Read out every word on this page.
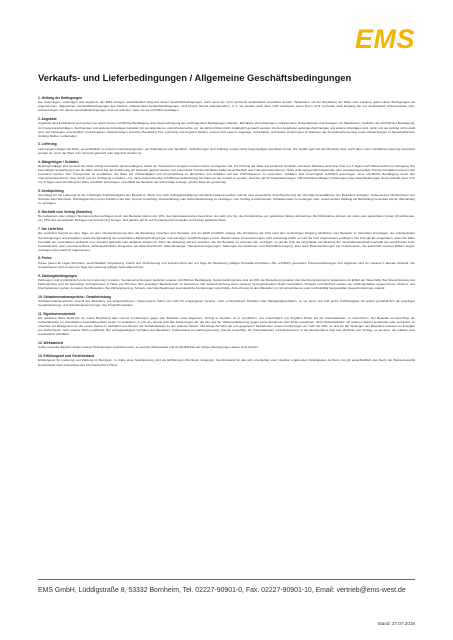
EMS
Verkaufs- und Lieferbedingungen / Allgemeine Geschäftsbedingungen
1. Geltung der Bedingungen
Die Lieferungen, Leistungen und Angebote der EMS erfolgen ausschließlich aufgrund dieser Geschäftsbedingungen, auch wenn sie nicht nochmals ausdrücklich vereinbart werden. Spätestens mit der Bestellung der Ware oder Leistung gelten diese Bedingungen als angenommen. Allgemeinen Geschäftsbedingungen des Käufers, insbesondere Einkaufsbedingungen, wird bereits hiermit widersprochen, d. h. sie werden auch dann nicht anerkannt, wenn ihnen nicht nochmals nach Eingang bei uns ausdrücklich widersprochen wird. Abweichungen von diesen Geschäftsbedingungen sind nur wirksam, wenn wir sie schriftlich bestätigen.
2. Angebote
Angebote sind freibleibend und werden nur durch unsere schriftliche Bestätigung unter Zugrundelegung der nachfolgenden Bedingungen wirksam. Mündliche Vereinbarungen, insbesondere Nebenabreden und Zusagen von Mitarbeitern, bedürfen der schriftlichen Bestätigung. An Kostenvoranschlägen, Zeichnungen und anderen Unterlagen behalten wir uns Eigentums- und Urheberrechte vor; sie dürfen Dritten nicht zugänglich gemacht werden. Zu den Angeboten gehörige Zeichnungen und andere Unterlagen sind, wenn uns der Auftrag nicht erteilt wird, auf Verlangen unverzüglich zurückzugeben. Abweichungen zwischen Bestellung bzw. Lieferung und Angebot bleiben, soweit nicht ebenso zugesagt, vorbehalten; technische Änderungen im Rahmen der Produktverbesserung sowie Abweichungen in handelsüblichem Umfang bleiben vorbehalten.
3. Lieferung
Lieferungen erfolgen ab Werk, ausschließlich zu unseren Lieferbedingungen, per Paketdienst oder Spedition. Teillieferungen sind zulässig, soweit nichts Gegenteiliges vereinbart wurde. Die Gefahr geht auf den Besteller über, auch dann, wenn frachtfreie Lieferung vereinbart worden ist, wenn die Ware zum Versand gebracht oder abgeholt worden ist.
4. Mängelrügen / Schäden
Rechtsgrundlage: Der Versand der Ware erfolgt auf Gefahr des Empfängers, wobei der Transporteur sorgsam mit den Gütern umzugehen hat. Zur Prüfung der Ware auf verdeckte Schäden und deren Meldung steht eine Frist von 4 Tagen nach Wareneintritt zur Verfügung. Bei berechtigter Verpackung muss die Ware bereits bei der Anlieferung auf Schäden geprüft werden. Für erkennbare Transportschäden haftet ausschließlich das Transportunternehmen. Nicht ordnungsgemäß festgestellte oder verspätet gemeldete Transportschäden können nicht anerkannt werden. Der Transporteur ist verpflichtet, die Ware auf Vollständigkeit und Unversehrtheit zu überprüfen und Schäden auf den Frachtpapieren zu vermerken. Schäden sind unverzüglich schriftlich anzuzeigen; ohne schriftliche Bestätigung durch den Transportunternehmer, bzw. durch uns zur Verfügung zu halten. Uns, nach entsprechender schriftlicher Aufforderung frei Haus an uns zurück zu senden. Gleiches gilt für Falschlieferungen. Offensichtliche Mängel, Fehlmengen oder Falschlieferungen sind innerhalb einer Frist von 8 Tagen nach Empfang der Ware schriftlich anzuzeigen. Unterlässt der Besteller die rechtzeitige Anzeige, gilt die Ware als genehmigt.
5. Kreditprüfung
Grundlage für die Lieferung ist die unbedingte Kreditwürdigkeit des Bestellers. Wenn uns nach Auftragsbestätigung Umstände bekannt werden, welche eine wesentliche Verschlechterung der Vermögensverhältnisse des Bestellers anzeigen, insbesondere Nichteinlösen von Schecks oder Wechseln, Nichtbegleichung eines Kredits in der Zeit, sind wir berechtigt, Vorauszahlung oder Sicherheitsleistung zu verlangen, vom Vertrag zurückzutreten, Schadenersatz zu verlangen oder, soweit andere Zahlung als Barzahlung vereinbart wurde, Barzahlung zu verlangen.
6. Rücktritt vom Vertrag (Besteller)
Bei teilweisem oder völligen Stornierung des Auftrages durch den Besteller können wir 10%, des Nettowarenwertes berechnen. Es steht uns frei, die Zurücknahme von gelieferten Waren abzulehnen. Bei Rücknahme können wir neben den pauschalen Kosten (Frachtkosten, ca.) 25% des vereinbarten Betrages zur Anrechnung bringen. Das gleiche gilt für auf Kundenwunsch bestellte und bereits gelieferte Ware.
7. Die Lieferfrist
Die Lieferfrist beginnt an dem Tage, an dem Übereinstimmung über die Bestellung zwischen dem Besteller und der EMS schriftlich vorliegt. Die Einhaltung der Frist setzt den rechtzeitigen Eingang sämtlicher vom Besteller zu liefernden Unterlagen, der erforderlichen Genehmigungen und Freigaben sowie die Einhaltung der vereinbarten Zahlungsbedingungen und sonstigen Verpflichtungen voraus. Werden diese Voraussetzungen nicht rechtzeitig erfüllt, so wird die Frist angemessen verlängert. Die Frist gilt als eingehalten, wenn die Ware innerhalb der vereinbarten Lieferfrist zum Versand gebracht oder abgeholt worden ist. Kann die Abholung auf aus Gründen, die der Besteller zu vertreten hat, verzögert, so gilt die Frist als eingehalten bei Meldung der Versandbereitschaft innerhalb der vereinbarten Frist. Arbeitskämpfe oder unvorhersehbare, außergewöhnliche Ereignisse wie Maschinenbruch, Materialmangel, Transportverzögerungen, Störungen bei Zulieferern und Rohstoffversorgung, aber auch Betriebsstörungen bei Vorlieferanten, die außerhalb unseres Willens liegen, verlängern die Lieferfrist angemessen.
8. Preise
Preise gelten ab Lager Bornheim, ausschließlich Verpackung, Fracht und Versicherung und entsprechend den am Tage der Bestellung gültigen Hersteller-Preislisten. Alle schriftlich genannten Preisvereinbarungen und Angebote sind für maximal 3 Monate bindend. Die Umsatzsteuer wird zu dem am Tage der Lieferung gültigen Satz abgerechnet.
9. Zahlungsbedingungen
Zahlungen sind grundsätzlich netto bei Lieferung zu leisten. Sonderverrechnungen bedürfen unserer schriftlichen Bestätigung. Sonderzahlungsziele sind ab 30% der Bestellung gestattet. Der Rechnungsbetrag ist spätestens mit Erhalt der Ware fällig. Bei Überschreitung des Zahlungsziels sind wir berechtigt, Verzugszinsen in Höhe von 8% über dem jeweiligen Basiszinssatz zu berechnen. Die Geltendmachung eines weiteren Verzugsschadens bleibt vorbehalten. Schecks und Wechsel werden nur erfüllungshalber angenommen; Diskont- und Wechselspesen gehen zu Lasten des Bestellers. Bei Zahlungsverzug, Scheck- oder Wechselprotest sind sämtliche Forderungen sofort fällig. Aufrechnung ist dem Besteller nur mit unbestrittenen oder rechtskräftig festgestellten Gegenforderungen erlaubt.
10. Schadenersatzansprüche / Gewährleistung
Schadenersatzansprüche sowohl des Bestellers auf ausgeschlossen, insbesondere haften wir nicht für entgangenen Gewinn, nicht vorhersehbare Schäden oder Mangelfolgeschäden, es sei denn, uns trifft grobe Fahrlässigkeit. Es gelten grundsätzlich die jeweiligen Gewährleistungs- und Garantiebestimmungen des Produktherstellers.
11. Eigentumsvorbehalt
Die gelieferte Ware bleibt bis zur vollen Bezahlung aller unserer Forderungen gegen den Besteller unser Eigentum. Verfügt er hierüber, ist er verpflichtet, uns unverzüglich von Zugriffen Dritter auf die Vorbehaltsware zu unterrichten. Der Besteller ist berechtigt, die Vorbehaltsware im ordentlichen Geschäftsverkehr weiter zu veräußern; er tritt uns bereits jetzt alle Forderungen ab, die ihm aus der Weiterveräußerung gegen seine Abnehmer oder Dritte erwachsen. Wird Vorbehaltsware mit anderen Waren verarbeitet oder vermischt, so erwerben wir Miteigentum an der neuen Sache im Verhältnis des Wertes der Vorbehaltsware zu den anderen Waren. Übersteigt der Wert der uns gegebenen Sicherheiten unsere Forderungen um mehr als 20%, so sind wir auf Verlangen des Bestellers insoweit zur Freigabe von Sicherheiten nach unserer Wahl verpflichtet. Bei vertragswidrigem Verhalten des Bestellers, insbesondere bei Zahlungsverzug, sind wir berechtigt, die Vorbehaltsware zurückzunehmen; in der Zurücknahme liegt kein Rücktritt vom Vertrag, es sei denn, wir erklären dies ausdrücklich schriftlich.
12. Wirksamkeit
Sollten einzelne Bestimmungen unserer Bedingungen unwirksam sein, so wird die Wirksamkeit und Verbindlichkeit der übrigen Bedingungen davon nicht berührt.
13. Erfüllungsort und Gerichtsstand
Erfüllungsort für Lieferung und Zahlung ist Bornheim. Im Falle einer Nachlieferung wird als Erfüllungsort Bornheim festgelegt. Gerichtsstand für alle sich unmittelbar oder mittelbar ergebenden Streitigkeiten ist Bonn. Es gilt ausschließlich das Recht der Bundesrepublik Deutschland unter Ausschluss des UN-Kaufrechts (CISG).
EMS GmbH, Lüddigstraße 8, 53332 Bornheim, Tel. 02227-90901-0, Fax. 02227-90901-10, Email: vertrieb@ems-west.de
Stand: 27.07.2019
